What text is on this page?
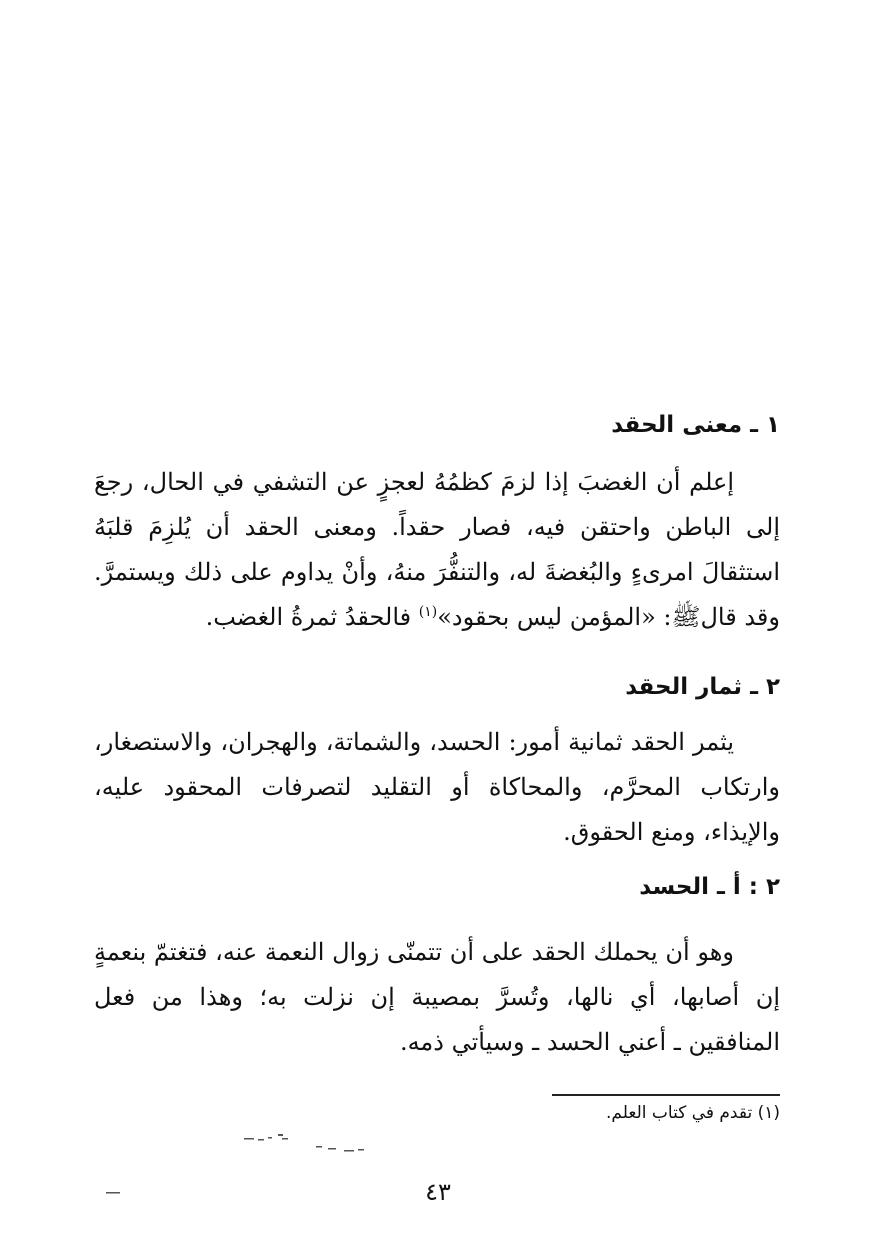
١ ـ معنى الحقد

إعلم أن الغضبَ إذا لزمَ كظمُهُ لعجزٍ عن التشفي في الحال، رجعَ إلى الباطن واحتقن فيه، فصار حقداً. ومعنى الحقد أن يُلزِمَ قلبَهُ استثقالَ امرىءٍ والبُغضةَ له، والتنفُّرَ منهُ، وأنْ يداوم على ذلك ويستمرَّ. وقد قالﷺ: «المؤمن ليس بحقود»$^{(١)}$ فالحقدُ ثمرةُ الغضب.

٢ ـ ثمار الحقد

يثمر الحقد ثمانية أمور: الحسد، والشماتة، والهجران، والاستصغار، وارتكاب المحرَّم، والمحاكاة أو التقليد لتصرفات المحقود عليه، والإيذاء، ومنع الحقوق.

٢ : أ ـ الحسد

وهو أن يحملك الحقد على أن تتمنّى زوال النعمة عنه، فتغتمّ بنعمةٍ إن أصابها، أي نالها، وتُسرَّ بمصيبة إن نزلت به؛ وهذا من فعل المنافقين ـ أعني الحسد ـ وسيأتي ذمه.

(١) تقدم في كتاب العلم.
٤٣
